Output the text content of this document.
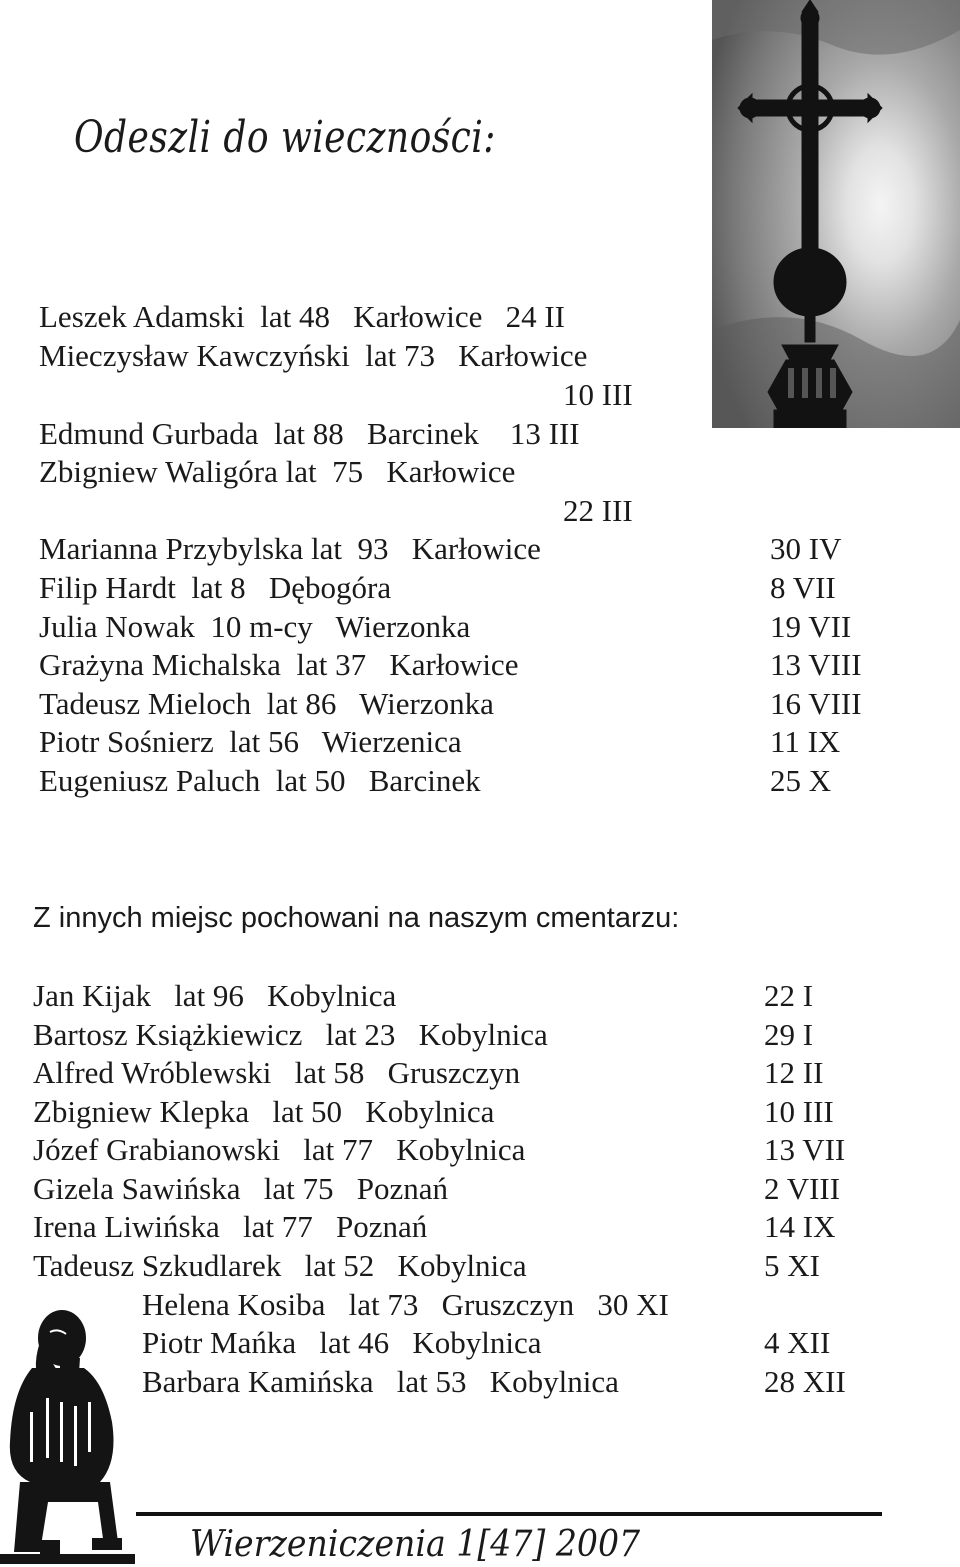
Odeszli do wieczności:
Leszek Adamski  lat 48   Karłowice   24 II
Mieczysław Kawczyński  lat 73   Karłowice
10 III
Edmund Gurbada  lat 88   Barcinek    13 III
Zbigniew Waligóra lat  75   Karłowice
22 III
Marianna Przybylska lat  93   Karłowice	30 IV
Filip Hardt  lat 8   Dębogóra	8 VII
Julia Nowak  10 m-cy   Wierzonka	19 VII
Grażyna Michalska  lat 37   Karłowice	13 VIII
Tadeusz Mieloch  lat 86   Wierzonka	16 VIII
Piotr Sośnierz  lat 56   Wierzenica	11 IX
Eugeniusz Paluch  lat 50   Barcinek	25 X
Z innych miejsc pochowani na naszym cmentarzu:
Jan Kijak   lat 96   Kobylnica	22 I
Bartosz Książkiewicz   lat 23   Kobylnica	29 I
Alfred Wróblewski   lat 58   Gruszczyn	12 II
Zbigniew Klepka   lat 50   Kobylnica	10 III
Józef Grabianowski   lat 77   Kobylnica	13 VII
Gizela Sawińska   lat 75   Poznań	2 VIII
Irena Liwińska   lat 77   Poznań	14 IX
Tadeusz Szkudlarek   lat 52   Kobylnica	5 XI
Helena Kosiba   lat 73   Gruszczyn   30 XI
Piotr Mańka   lat 46   Kobylnica	4 XII
Barbara Kamińska   lat 53   Kobylnica	28 XII

Wierzeniczenia 1[47] 2007
